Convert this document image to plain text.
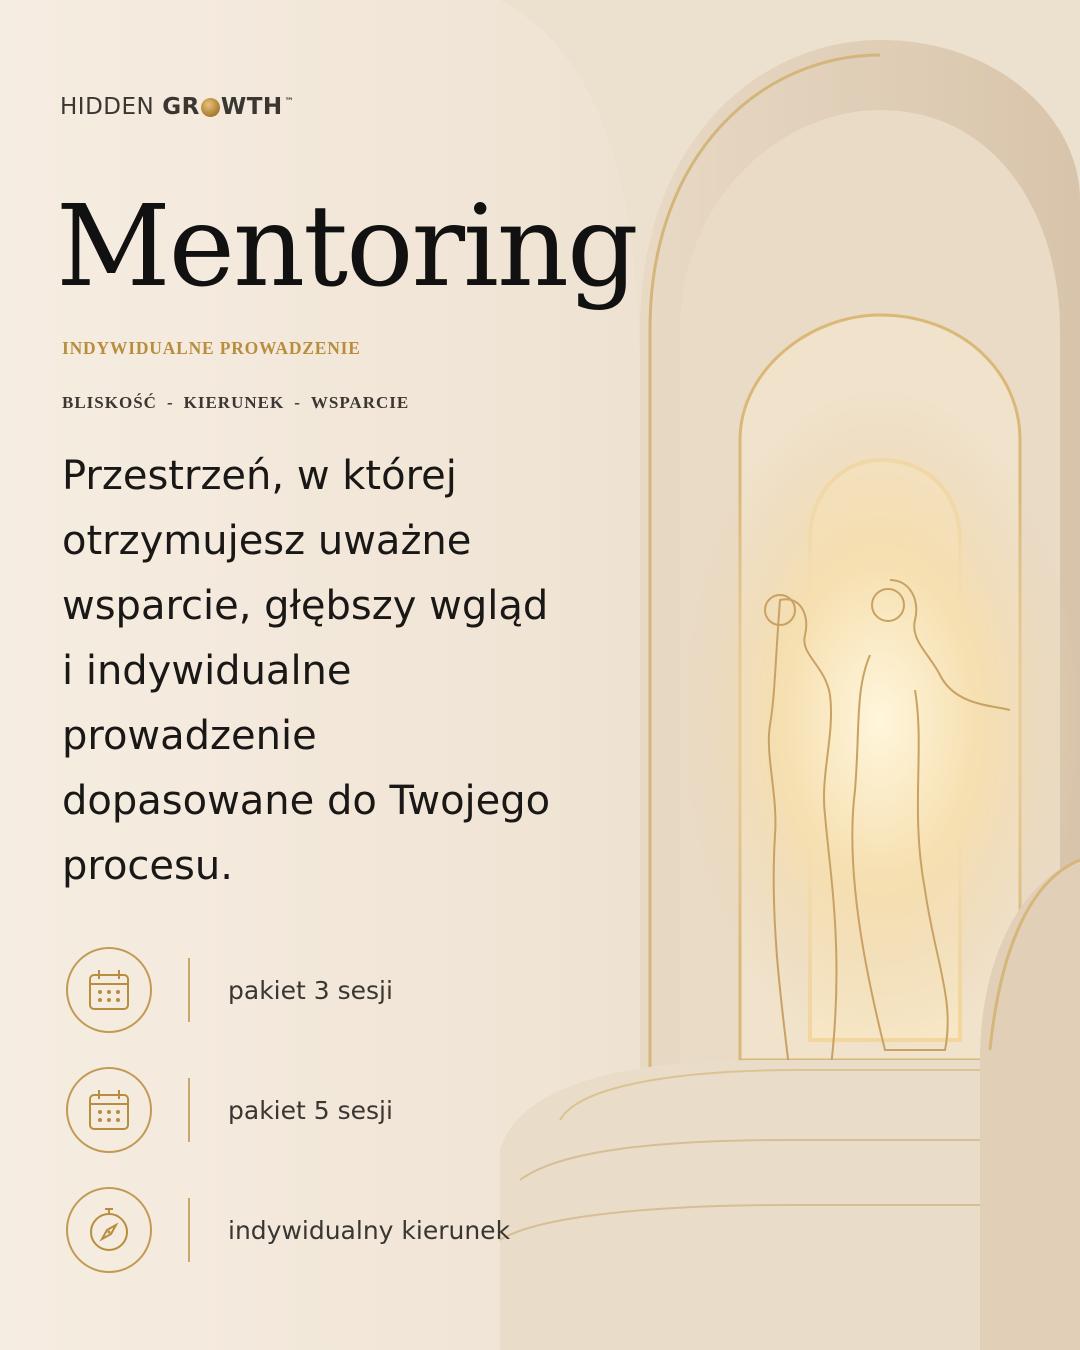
HIDDEN GR WTH ™
Mentoring
INDYWIDUALNE PROWADZENIE
BLISKOŚĆ - KIERUNEK - WSPARCIE

Przestrzeń, w której
otrzymujesz uważne
wsparcie, głębszy wgląd
i indywidualne
prowadzenie
dopasowane do Twojego
procesu.

pakiet 3 sesji
pakiet 5 sesji
indywidualny kierunek
